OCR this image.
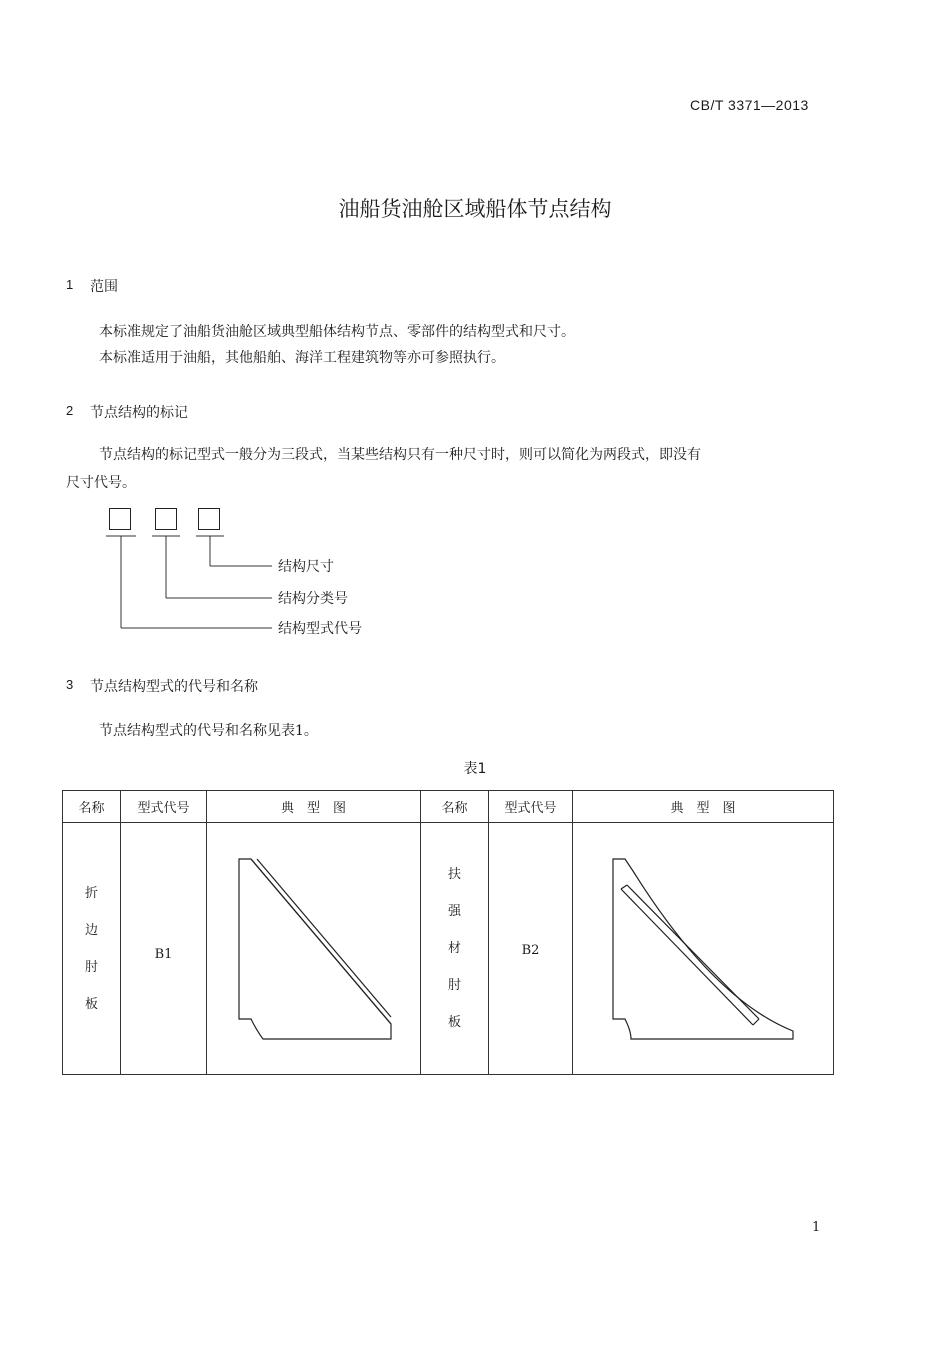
CB/T 3371—2013
油船货油舱区域船体节点结构
1 范围
本标准规定了油船货油舱区域典型船体结构节点、零部件的结构型式和尺寸。
本标准适用于油船，其他船舶、海洋工程建筑物等亦可参照执行。
2 节点结构的标记
节点结构的标记型式一般分为三段式，当某些结构只有一种尺寸时，则可以简化为两段式，即没有
尺寸代号。
结构尺寸
结构分类号
结构型式代号
3 节点结构型式的代号和名称
节点结构型式的代号和名称见表1。
表1
名称	型式代号	典　型　图	名称	型式代号	典　型　图
折边肘板	B1		扶强材肘板	B2	
1
